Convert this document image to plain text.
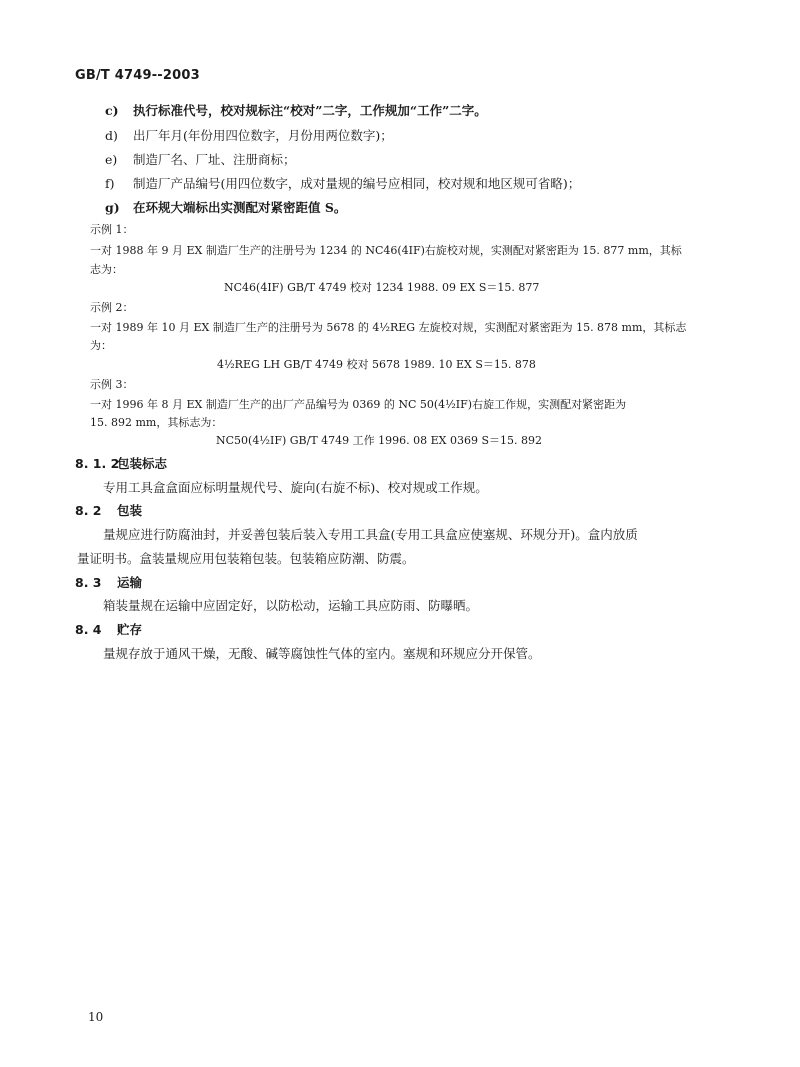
GB/T 4749--2003
c) 执行标准代号，校对规标注“校对”二字，工作规加“工作”二字。
d) 出厂年月(年份用四位数字，月份用两位数字)；
e) 制造厂名、厂址、注册商标；
f) 制造厂产品编号(用四位数字，成对量规的编号应相同，校对规和地区规可省略)；
g) 在环规大端标出实测配对紧密距值 S。
示例 1：
一对 1988 年 9 月 EX 制造厂生产的注册号为 1234 的 NC46(4IF)右旋校对规，实测配对紧密距为 15. 877 mm，其标
志为：
NC46(4IF) GB/T 4749 校对 1234 1988. 09 EX S＝15. 877
示例 2：
一对 1989 年 10 月 EX 制造厂生产的注册号为 5678 的 4½REG 左旋校对规，实测配对紧密距为 15. 878 mm，其标志
为：
4½REG LH GB/T 4749 校对 5678 1989. 10 EX S＝15. 878
示例 3：
一对 1996 年 8 月 EX 制造厂生产的出厂产品编号为 0369 的 NC 50(4½IF)右旋工作规，实测配对紧密距为
15. 892 mm，其标志为：
NC50(4½IF) GB/T 4749 工作 1996. 08 EX 0369 S＝15. 892
8. 1. 2包装标志
专用工具盒盒面应标明量规代号、旋向(右旋不标)、校对规或工作规。
8. 2 包装
量规应进行防腐油封，并妥善包装后装入专用工具盒(专用工具盒应使塞规、环规分开)。盒内放质
量证明书。盒装量规应用包装箱包装。包装箱应防潮、防震。
8. 3 运输
箱装量规在运输中应固定好，以防松动，运输工具应防雨、防曝晒。
8. 4 贮存
量规存放于通风干燥，无酸、碱等腐蚀性气体的室内。塞规和环规应分开保管。
10
